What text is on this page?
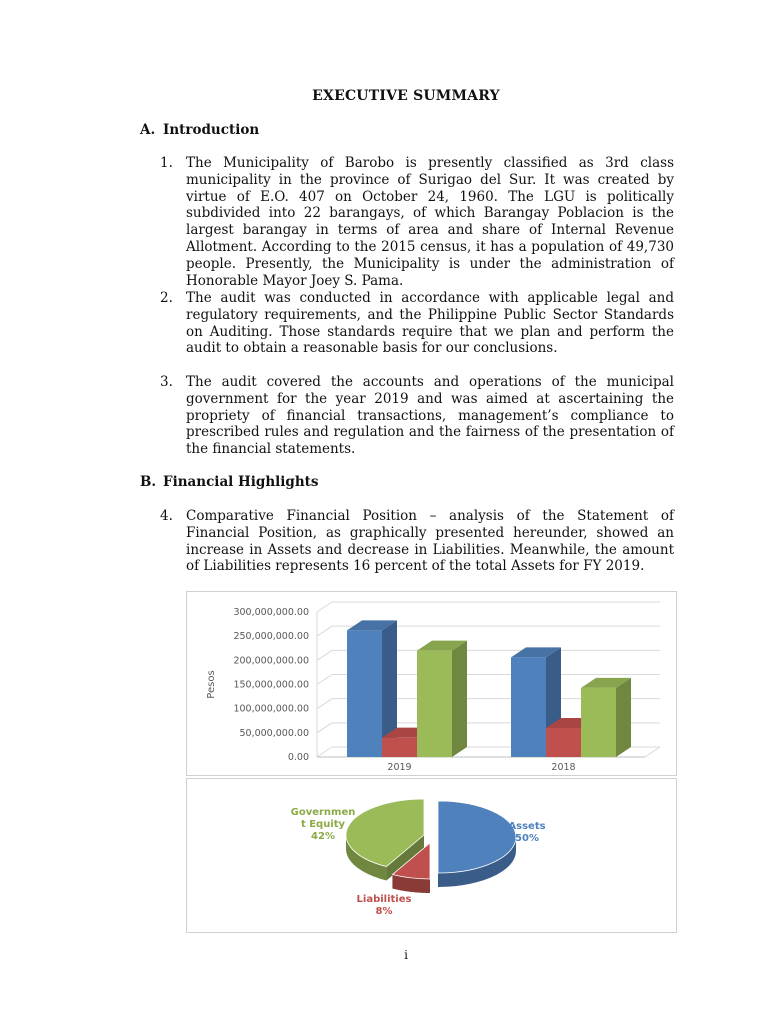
EXECUTIVE SUMMARY
A. Introduction
1. The Municipality of Barobo is presently classified as 3rd class municipality in the province of Surigao del Sur. It was created by virtue of E.O. 407 on October 24, 1960. The LGU is politically subdivided into 22 barangays, of which Barangay Poblacion is the largest barangay in terms of area and share of Internal Revenue Allotment. According to the 2015 census, it has a population of 49,730 people. Presently, the Municipality is under the administration of Honorable Mayor Joey S. Pama.
2. The audit was conducted in accordance with applicable legal and regulatory requirements, and the Philippine Public Sector Standards on Auditing. Those standards require that we plan and perform the audit to obtain a reasonable basis for our conclusions.
3. The audit covered the accounts and operations of the municipal government for the year 2019 and was aimed at ascertaining the propriety of financial transactions, management’s compliance to prescribed rules and regulation and the fairness of the presentation of the financial statements.
B. Financial Highlights
4. Comparative Financial Position – analysis of the Statement of Financial Position, as graphically presented hereunder, showed an increase in Assets and decrease in Liabilities. Meanwhile, the amount of Liabilities represents 16 percent of the total Assets for FY 2019.
300,000,000.00
250,000,000.00
200,000,000.00
150,000,000.00
100,000,000.00
50,000,000.00
0.00
Pesos
2019	2018
Assets 50%
Liabilities 8%
Governmen t Equity 42%
i
